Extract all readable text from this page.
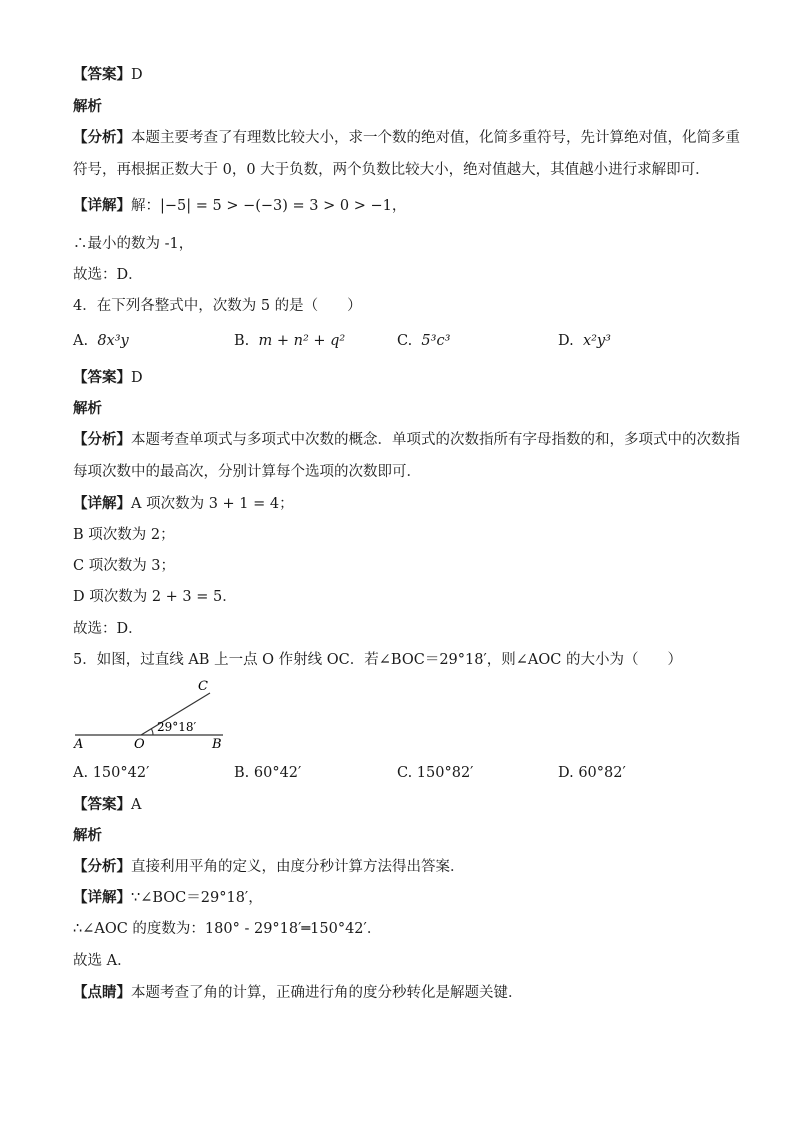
【答案】D
解析
【分析】本题主要考查了有理数比较大小，求一个数的绝对值，化简多重符号，先计算绝对值，化简多重
符号，再根据正数大于 0，0 大于负数，两个负数比较大小，绝对值越大，其值越小进行求解即可．
【详解】解：|−5| = 5 > −(−3) = 3 > 0 > −1，
∴最小的数为 -1，
故选：D．
4．在下列各整式中，次数为 5 的是（　　）
A. 8x³y	B. m + n² + q²	C. 5³c³	D. x²y³
【答案】D
解析
【分析】本题考查单项式与多项式中次数的概念．单项式的次数指所有字母指数的和，多项式中的次数指
每项次数中的最高次，分别计算每个选项的次数即可．
【详解】A 项次数为 3 + 1 = 4；
B 项次数为 2；
C 项次数为 3；
D 项次数为 2 + 3 = 5．
故选：D．
5．如图，过直线 AB 上一点 O 作射线 OC．若∠BOC＝29°18′，则∠AOC 的大小为（　　）
A	O	B
C
29°18′
A. 150°42′	B. 60°42′	C. 150°82′	D. 60°82′
【答案】A
解析
【分析】直接利用平角的定义，由度分秒计算方法得出答案．
【详解】∵∠BOC＝29°18′，
∴∠AOC 的度数为：180° - 29°18′═150°42′．
故选 A．
【点睛】本题考查了角的计算，正确进行角的度分秒转化是解题关键．
